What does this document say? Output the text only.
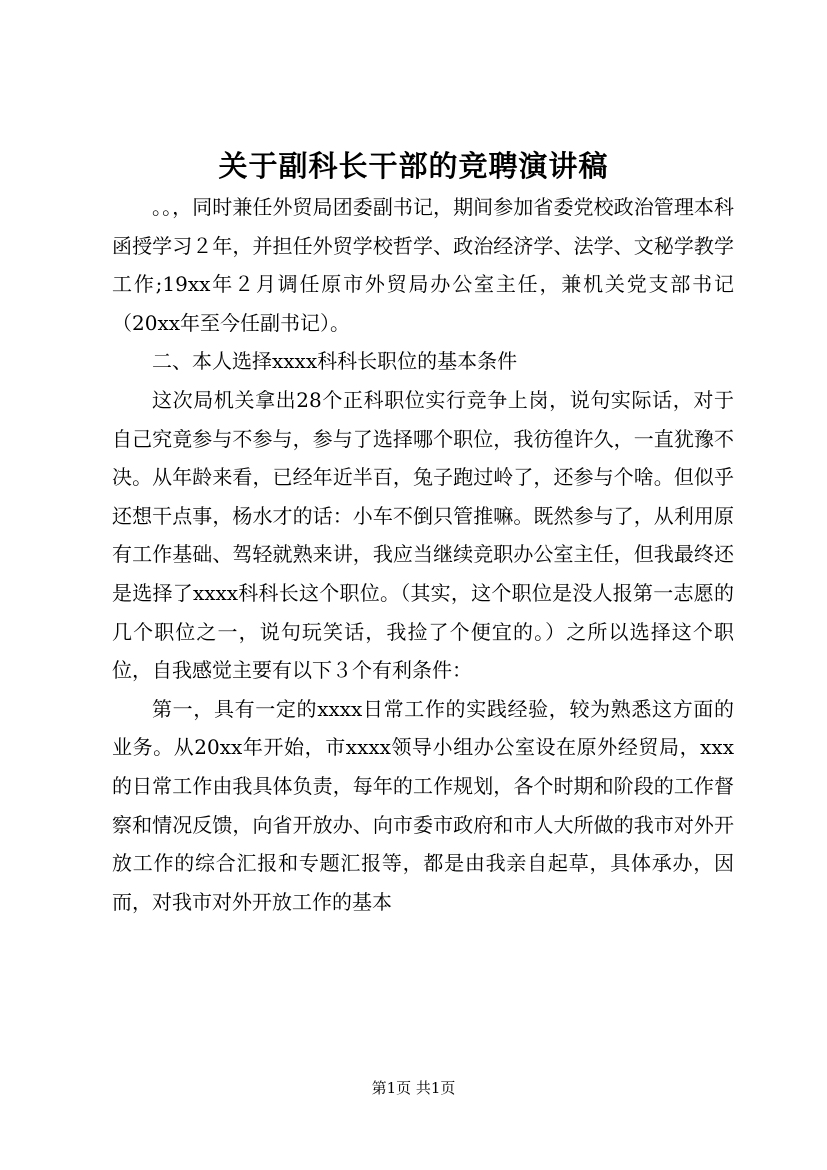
关于副科长干部的竞聘演讲稿

。。，同时兼任外贸局团委副书记，期间参加省委党校政治管理本科函授学习２年，并担任外贸学校哲学、政治经济学、法学、文秘学教学工作;19xx年２月调任原市外贸局办公室主任，兼机关党支部书记（20xx年至今任副书记）。

二、本人选择xxxx科科长职位的基本条件

这次局机关拿出28个正科职位实行竞争上岗，说句实际话，对于自己究竟参与不参与，参与了选择哪个职位，我彷徨许久，一直犹豫不决。从年龄来看，已经年近半百，兔子跑过岭了，还参与个啥。但似乎还想干点事，杨水才的话：小车不倒只管推嘛。既然参与了，从利用原有工作基础、驾轻就熟来讲，我应当继续竞职办公室主任，但我最终还是选择了xxxx科科长这个职位。（其实，这个职位是没人报第一志愿的几个职位之一，说句玩笑话，我捡了个便宜的。）之所以选择这个职位，自我感觉主要有以下３个有利条件：

第一，具有一定的xxxx日常工作的实践经验，较为熟悉这方面的业务。从20xx年开始，市xxxx领导小组办公室设在原外经贸局，xxx的日常工作由我具体负责，每年的工作规划，各个时期和阶段的工作督察和情况反馈，向省开放办、向市委市政府和市人大所做的我市对外开放工作的综合汇报和专题汇报等，都是由我亲自起草，具体承办，因而，对我市对外开放工作的基本

第1页 共1页
